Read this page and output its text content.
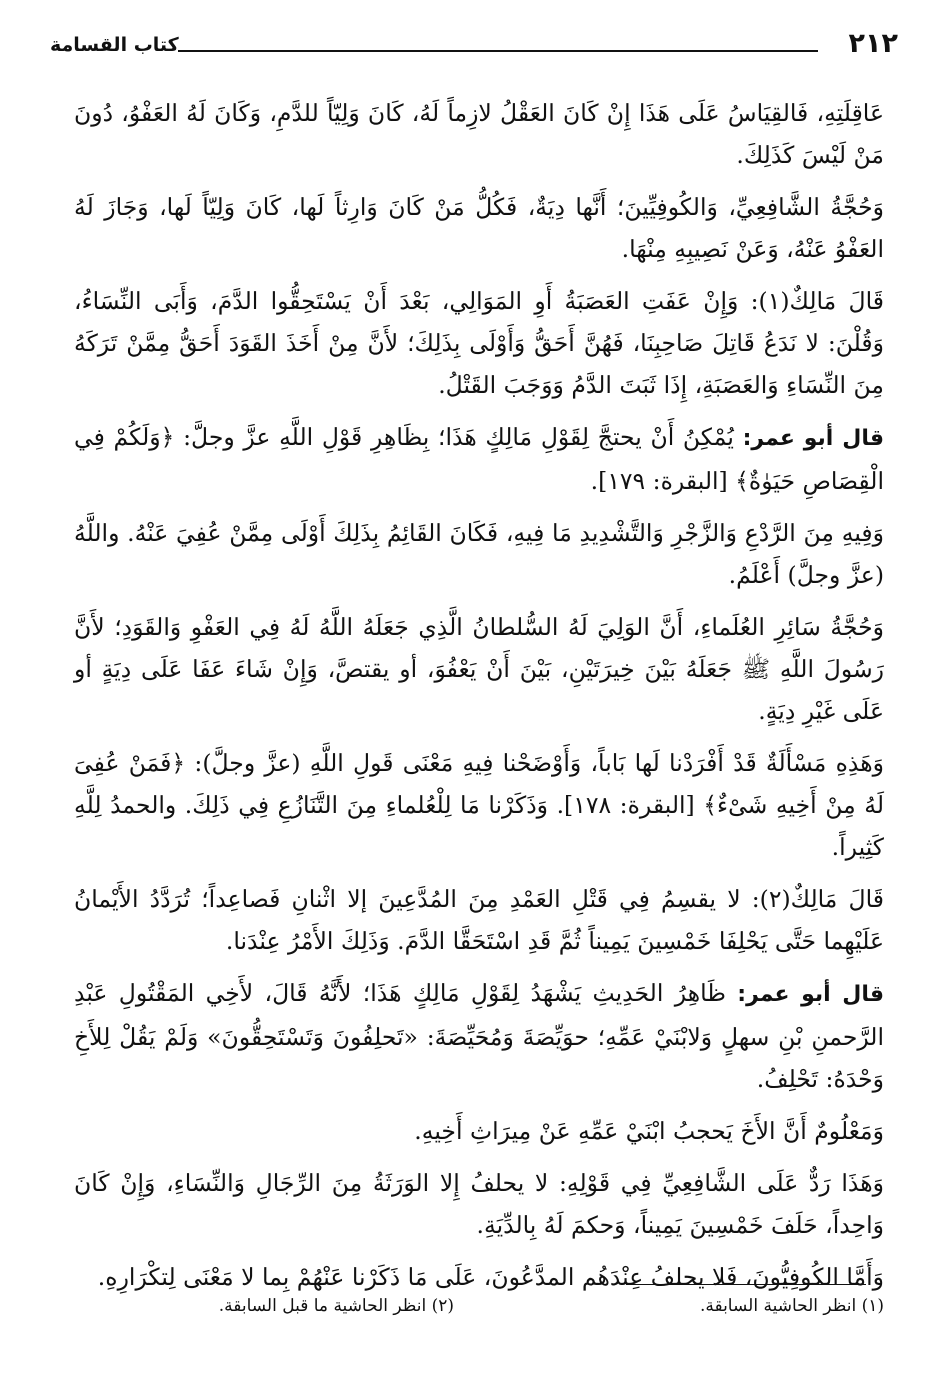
٢١٢
كتاب القسامة

عَاقِلَتِهِ، فَالقِيَاسُ عَلَى هَذَا إِنْ كَانَ العَقْلُ لازِماً لَهُ، كَانَ وَلِيّاً للدَّمِ، وَكَانَ لَهُ العَفْوُ، دُونَ مَنْ لَيْسَ كَذَلِكَ.

وَحُجَّةُ الشَّافِعِيِّ، وَالكُوفِيِّينَ؛ أَنَّها دِيَةٌ، فَكُلُّ مَنْ كَانَ وَارِثاً لَها، كَانَ وَلِيّاً لَها، وَجَازَ لَهُ العَفْوُ عَنْهُ، وَعَنْ نَصِيبِهِ مِنْهَا.

قَالَ مَالِكٌ(١): وَإِنْ عَفَتِ العَصَبَةُ أَوِ المَوَالِي، بَعْدَ أَنْ يَسْتَحِقُّوا الدَّمَ، وَأَبَى النِّسَاءُ، وَقُلْنَ: لا نَدَعُ قَاتِلَ صَاحِبِنَا، فَهُنَّ أَحَقُّ وَأَوْلَى بِذَلِكَ؛ لأَنَّ مِنْ أَخَذَ القَوَدَ أَحَقُّ مِمَّنْ تَرَكَهُ مِنَ النِّسَاءِ وَالعَصَبَةِ، إِذَا ثَبَتَ الدَّمُ وَوَجَبَ القَتْلُ.

قال أبو عمر: يُمْكِنُ أَنْ يحتجَّ لِقَوْلِ مَالِكٍ هَذَا؛ بِظَاهِرِ قَوْلِ اللَّهِ عزَّ وجلَّ: ﴿وَلَكُمْ فِي الْقِصَاصِ حَيَوٰةٌ﴾ [البقرة: ١٧٩].

وَفِيهِ مِنَ الرَّدْعِ وَالزَّجْرِ وَالتَّشْدِيدِ مَا فِيهِ، فَكَانَ القَائِمُ بِذَلِكَ أَوْلَى مِمَّنْ عُفِيَ عَنْهُ. واللَّهُ (عزَّ وجلَّ) أَعْلَمُ.

وَحُجَّةُ سَائِرِ العُلَماءِ، أَنَّ الوَلِيَ لَهُ السُّلطانُ الَّذِي جَعَلَهُ اللَّهُ لَهُ فِي العَفْوِ وَالقَوَدِ؛ لأَنَّ رَسُولَ اللَّهِ ﷺ جَعَلَهُ بَيْنَ خِيرَتَيْنِ، بَيْنَ أَنْ يَعْفُوَ، أو يقتصَّ، وَإِنْ شَاءَ عَفَا عَلَى دِيَةٍ أو عَلَى غَيْرِ دِيَةٍ.

وَهَذِهِ مَسْأَلَةٌ قَدْ أَفْرَدْنا لَها بَاباً، وَأَوْضَحْنا فِيهِ مَعْنَى قَولِ اللَّهِ (عزَّ وجلَّ): ﴿فَمَنْ عُفِىَ لَهُ مِنْ أَخِيهِ شَىْءٌ﴾ [البقرة: ١٧٨]. وَذَكَرْنا مَا لِلْعُلماءِ مِنَ التَّنَازُعِ فِي ذَلِكَ. والحمدُ لِلَّهِ كَثِيراً.

قَالَ مَالِكٌ(٢): لا يقسِمُ فِي قَتْلِ العَمْدِ مِنَ المُدَّعِينَ إلا اثْنانِ فَصاعِداً؛ تُرَدَّدُ الأَيْمانُ عَلَيْهِما حَتَّى يَحْلِفَا خَمْسِينَ يَمِيناً ثُمَّ قَدِ اسْتَحَقَّا الدَّمَ. وَذَلِكَ الأَمْرُ عِنْدَنا.

قال أبو عمر: ظَاهِرُ الحَدِيثِ يَشْهَدُ لِقَوْلِ مَالِكٍ هَذَا؛ لأَنَّهُ قَالَ، لأَخِي المَقْتُولِ عَبْدِ الرَّحمنِ بْنِ سهلٍ وَلابْنَيْ عَمِّهِ؛ حوَيِّصَةَ وَمُحَيِّصَةَ: «تَحلِفُونَ وَتَسْتَحِقُّونَ» وَلَمْ يَقُلْ لِلأَخِ وَحْدَهُ: تَحْلِفُ.

وَمَعْلُومٌ أَنَّ الأَخَ يَحجبُ ابْنَيْ عَمِّهِ عَنْ مِيرَاثِ أَخِيهِ.

وَهَذَا رَدٌّ عَلَى الشَّافِعِيِّ فِي قَوْلِهِ: لا يحلفُ إِلا الوَرَثَةُ مِنَ الرِّجَالِ وَالنِّسَاءِ، وَإِنْ كَانَ وَاحِداً، حَلَفَ خَمْسِينَ يَمِيناً، وَحكمَ لَهُ بِالدِّيَةِ.

وَأَمَّا الكُوفِيُّونَ، فَلا يحلفُ عِنْدَهُم المدَّعُونَ، عَلَى مَا ذَكَرْنا عَنْهُمْ بِما لا مَعْنَى لِتكْرَارِهِ.

(١) انظر الحاشية السابقة.
(٢) انظر الحاشية ما قبل السابقة.
